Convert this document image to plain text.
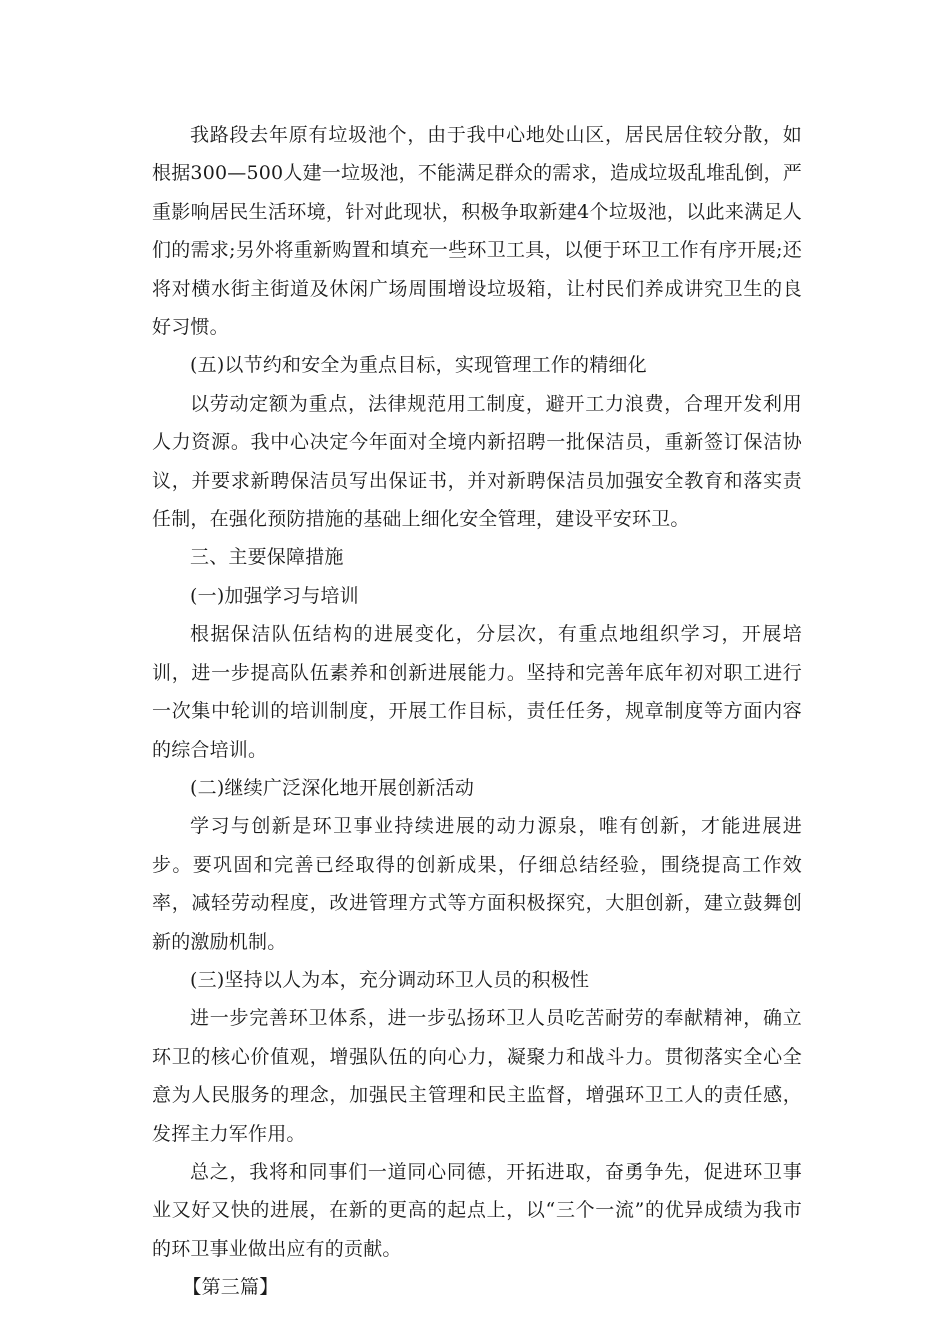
我路段去年原有垃圾池个，由于我中心地处山区，居民居住较分散，如根据300—500人建一垃圾池，不能满足群众的需求，造成垃圾乱堆乱倒，严重影响居民生活环境，针对此现状，积极争取新建4个垃圾池，以此来满足人们的需求;另外将重新购置和填充一些环卫工具，以便于环卫工作有序开展;还将对横水街主街道及休闲广场周围增设垃圾箱，让村民们养成讲究卫生的良好习惯。

(五)以节约和安全为重点目标，实现管理工作的精细化

以劳动定额为重点，法律规范用工制度，避开工力浪费，合理开发利用人力资源。我中心决定今年面对全境内新招聘一批保洁员，重新签订保洁协议，并要求新聘保洁员写出保证书，并对新聘保洁员加强安全教育和落实责任制，在强化预防措施的基础上细化安全管理，建设平安环卫。

三、主要保障措施

(一)加强学习与培训

根据保洁队伍结构的进展变化，分层次，有重点地组织学习，开展培训，进一步提高队伍素养和创新进展能力。坚持和完善年底年初对职工进行一次集中轮训的培训制度，开展工作目标，责任任务，规章制度等方面内容的综合培训。

(二)继续广泛深化地开展创新活动

学习与创新是环卫事业持续进展的动力源泉，唯有创新，才能进展进步。要巩固和完善已经取得的创新成果，仔细总结经验，围绕提高工作效率，减轻劳动程度，改进管理方式等方面积极探究，大胆创新，建立鼓舞创新的激励机制。

(三)坚持以人为本，充分调动环卫人员的积极性

进一步完善环卫体系，进一步弘扬环卫人员吃苦耐劳的奉献精神，确立环卫的核心价值观，增强队伍的向心力，凝聚力和战斗力。贯彻落实全心全意为人民服务的理念，加强民主管理和民主监督，增强环卫工人的责任感，发挥主力军作用。

总之，我将和同事们一道同心同德，开拓进取，奋勇争先，促进环卫事业又好又快的进展，在新的更高的起点上，以“三个一流”的优异成绩为我市的环卫事业做出应有的贡献。

【第三篇】
